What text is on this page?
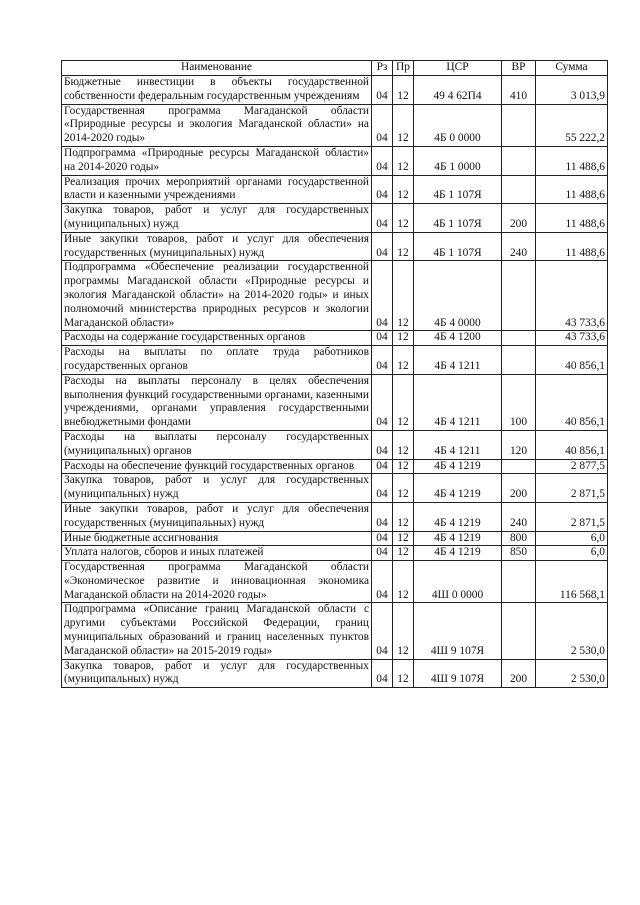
Наименование	Рз	Пр	ЦСР	ВР	Сумма
Бюджетные инвестиции в объекты государственной собственности федеральным государственным учреждениям	04	12	49 4 62П4	410	3 013,9
Государственная программа Магаданской области «Природные ресурсы и экология Магаданской области» на 2014-2020 годы»	04	12	4Б 0 0000		55 222,2
Подпрограмма «Природные ресурсы Магаданской области» на 2014-2020 годы»	04	12	4Б 1 0000		11 488,6
Реализация прочих мероприятий органами государственной власти и казенными учреждениями	04	12	4Б 1 107Я		11 488,6
Закупка товаров, работ и услуг для государственных (муниципальных) нужд	04	12	4Б 1 107Я	200	11 488,6
Иные закупки товаров, работ и услуг для обеспечения государственных (муниципальных) нужд	04	12	4Б 1 107Я	240	11 488,6
Подпрограмма «Обеспечение реализации государственной программы Магаданской области «Природные ресурсы и экология Магаданской области» на 2014-2020 годы» и иных полномочий министерства природных ресурсов и экологии Магаданской области»	04	12	4Б 4 0000		43 733,6
Расходы на содержание государственных органов	04	12	4Б 4 1200		43 733,6
Расходы на выплаты по оплате труда работников государственных органов	04	12	4Б 4 1211		40 856,1
Расходы на выплаты персоналу в целях обеспечения выполнения функций государственными органами, казенными учреждениями, органами управления государственными внебюджетными фондами	04	12	4Б 4 1211	100	40 856,1
Расходы на выплаты персоналу государственных (муниципальных) органов	04	12	4Б 4 1211	120	40 856,1
Расходы на обеспечение функций государственных органов	04	12	4Б 4 1219		2 877,5
Закупка товаров, работ и услуг для государственных (муниципальных) нужд	04	12	4Б 4 1219	200	2 871,5
Иные закупки товаров, работ и услуг для обеспечения государственных (муниципальных) нужд	04	12	4Б 4 1219	240	2 871,5
Иные бюджетные ассигнования	04	12	4Б 4 1219	800	6,0
Уплата налогов, сборов и иных платежей	04	12	4Б 4 1219	850	6,0
Государственная программа Магаданской области «Экономическое развитие и инновационная экономика Магаданской области на 2014-2020 годы»	04	12	4Ш 0 0000		116 568,1
Подпрограмма «Описание границ Магаданской области с другими субъектами Российской Федерации, границ муниципальных образований и границ населенных пунктов Магаданской области» на 2015-2019 годы»	04	12	4Ш 9 107Я		2 530,0
Закупка товаров, работ и услуг для государственных (муниципальных) нужд	04	12	4Ш 9 107Я	200	2 530,0
